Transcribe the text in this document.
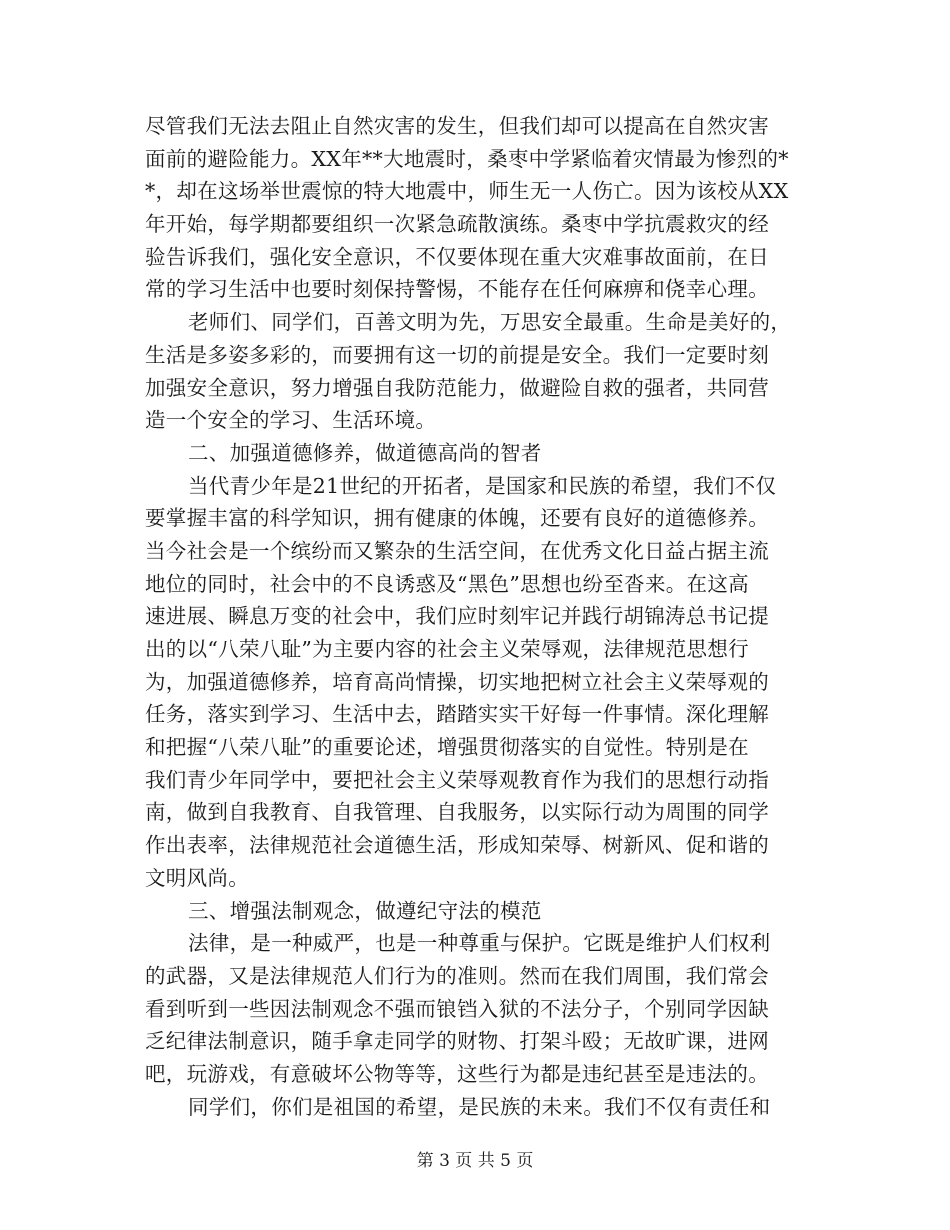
尽管我们无法去阻止自然灾害的发生，但我们却可以提高在自然灾害
面前的避险能力。XX年**大地震时，桑枣中学紧临着灾情最为惨烈的*
*，却在这场举世震惊的特大地震中，师生无一人伤亡。因为该校从XX
年开始，每学期都要组织一次紧急疏散演练。桑枣中学抗震救灾的经
验告诉我们，强化安全意识，不仅要体现在重大灾难事故面前，在日
常的学习生活中也要时刻保持警惕，不能存在任何麻痹和侥幸心理。
老师们、同学们，百善文明为先，万思安全最重。生命是美好的，
生活是多姿多彩的，而要拥有这一切的前提是安全。我们一定要时刻
加强安全意识，努力增强自我防范能力，做避险自救的强者，共同营
造一个安全的学习、生活环境。
二、加强道德修养，做道德高尚的智者
当代青少年是21世纪的开拓者，是国家和民族的希望，我们不仅
要掌握丰富的科学知识，拥有健康的体魄，还要有良好的道德修养。
当今社会是一个缤纷而又繁杂的生活空间，在优秀文化日益占据主流
地位的同时，社会中的不良诱惑及“黑色”思想也纷至沓来。在这高
速进展、瞬息万变的社会中，我们应时刻牢记并践行胡锦涛总书记提
出的以“八荣八耻”为主要内容的社会主义荣辱观，法律规范思想行
为，加强道德修养，培育高尚情操，切实地把树立社会主义荣辱观的
任务，落实到学习、生活中去，踏踏实实干好每一件事情。深化理解
和把握“八荣八耻”的重要论述，增强贯彻落实的自觉性。特别是在
我们青少年同学中，要把社会主义荣辱观教育作为我们的思想行动指
南，做到自我教育、自我管理、自我服务，以实际行动为周围的同学
作出表率，法律规范社会道德生活，形成知荣辱、树新风、促和谐的
文明风尚。
三、增强法制观念，做遵纪守法的模范
法律，是一种威严，也是一种尊重与保护。它既是维护人们权利
的武器，又是法律规范人们行为的准则。然而在我们周围，我们常会
看到听到一些因法制观念不强而锒铛入狱的不法分子，个别同学因缺
乏纪律法制意识，随手拿走同学的财物、打架斗殴；无故旷课，进网
吧，玩游戏，有意破坏公物等等，这些行为都是违纪甚至是违法的。
同学们，你们是祖国的希望，是民族的未来。我们不仅有责任和
第 3 页 共 5 页
